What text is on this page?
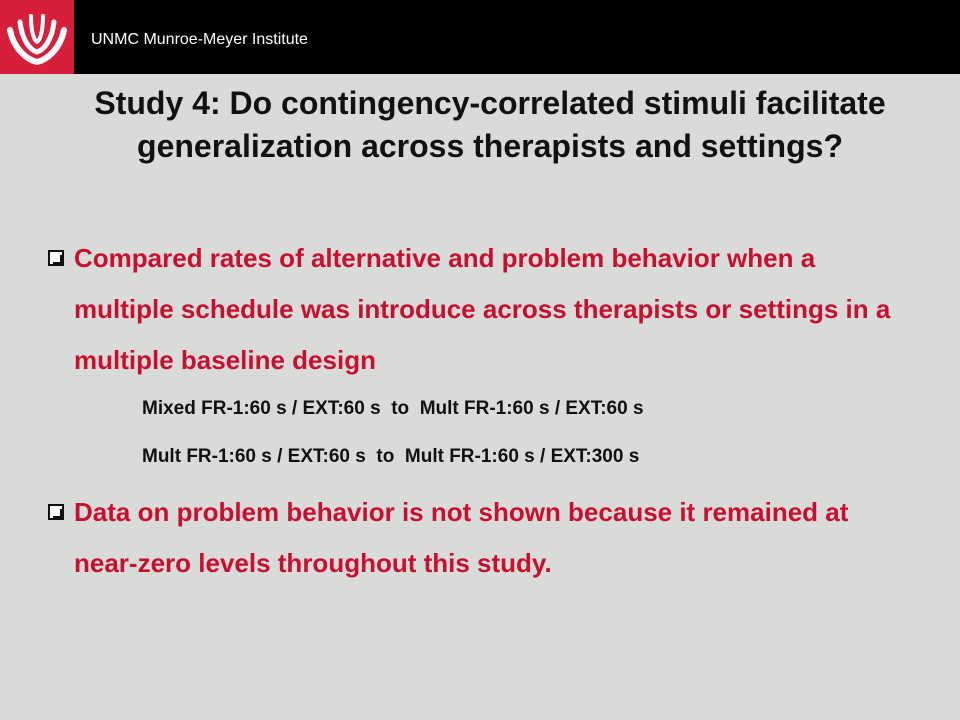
UNMC Munroe-Meyer Institute
Study 4: Do contingency-correlated stimuli facilitate generalization across therapists and settings?
Compared rates of alternative and problem behavior when a multiple schedule was introduce across therapists or settings in a multiple baseline design
Mixed FR-1:60 s / EXT:60 s  to  Mult FR-1:60 s / EXT:60 s
Mult FR-1:60 s / EXT:60 s  to  Mult FR-1:60 s / EXT:300 s
Data on problem behavior is not shown because it remained at near-zero levels throughout this study.
